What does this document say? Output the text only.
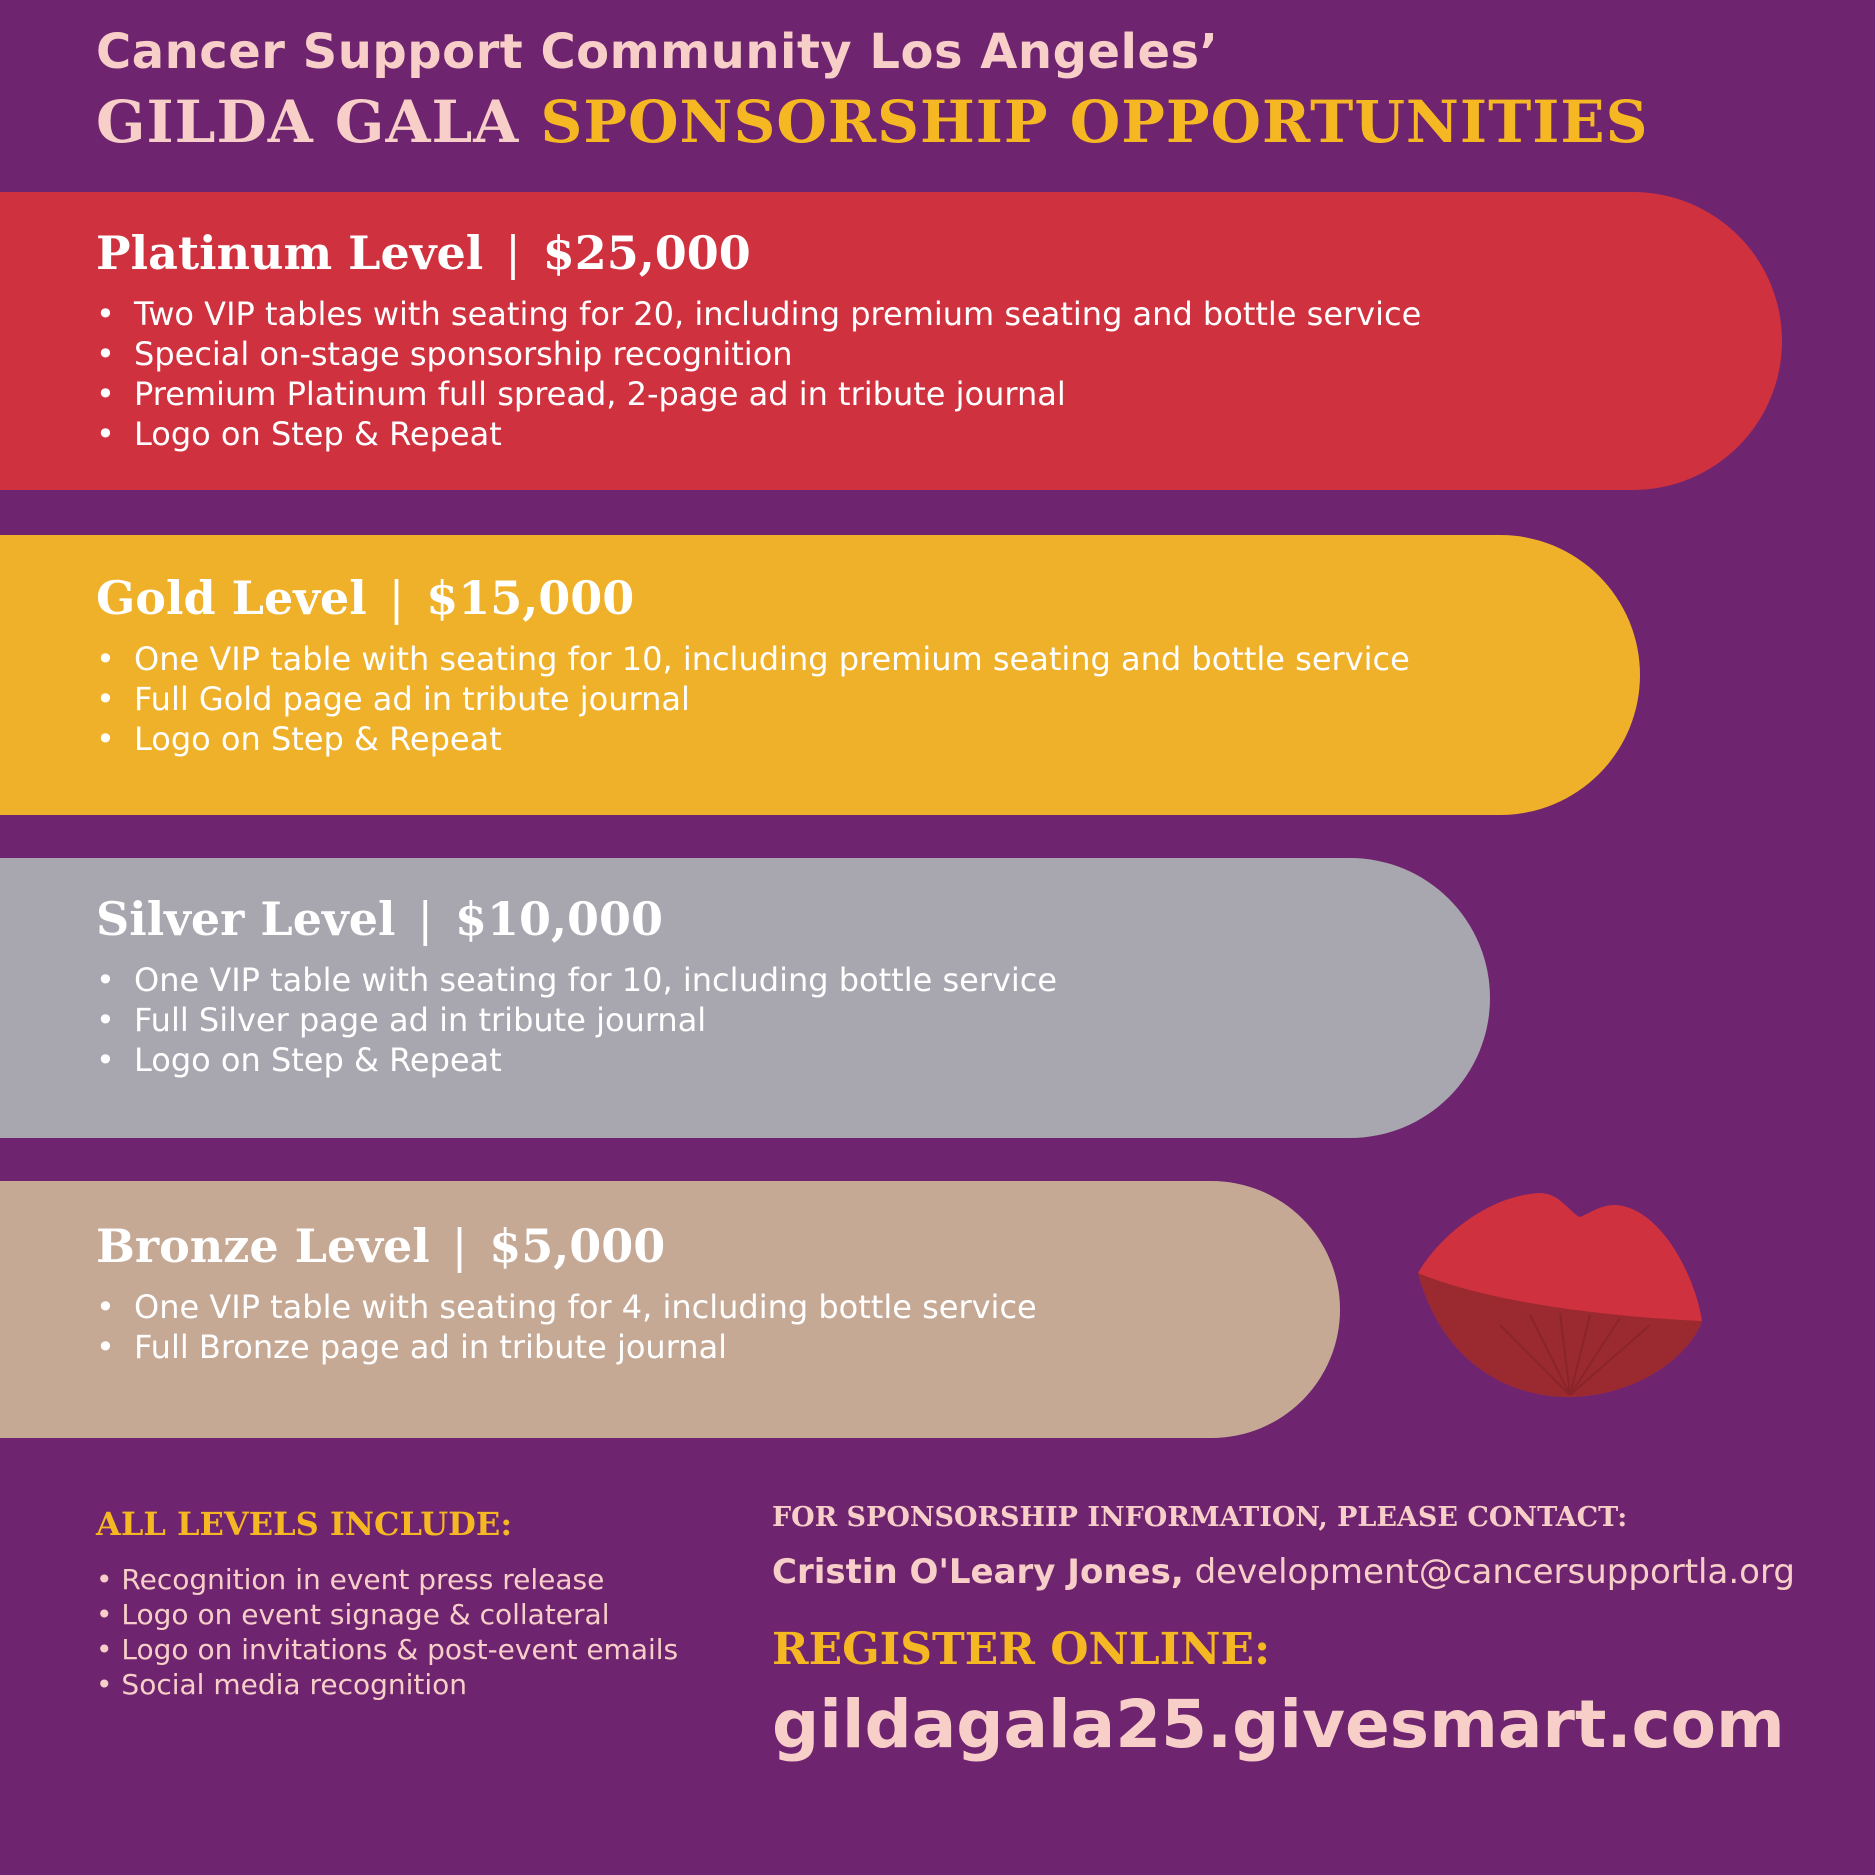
Cancer Support Community Los Angeles’
GILDA GALA SPONSORSHIP OPPORTUNITIES
Platinum Level | $25,000
• Two VIP tables with seating for 20, including premium seating and bottle service
• Special on-stage sponsorship recognition
• Premium Platinum full spread, 2-page ad in tribute journal
• Logo on Step & Repeat
Gold Level | $15,000
• One VIP table with seating for 10, including premium seating and bottle service
• Full Gold page ad in tribute journal
• Logo on Step & Repeat
Silver Level | $10,000
• One VIP table with seating for 10, including bottle service
• Full Silver page ad in tribute journal
• Logo on Step & Repeat
Bronze Level | $5,000
• One VIP table with seating for 4, including bottle service
• Full Bronze page ad in tribute journal
ALL LEVELS INCLUDE:
• Recognition in event press release
• Logo on event signage & collateral
• Logo on invitations & post-event emails
• Social media recognition
FOR SPONSORSHIP INFORMATION, PLEASE CONTACT:
Cristin O'Leary Jones, development@cancersupportla.org
REGISTER ONLINE:
gildagala25.givesmart.com
